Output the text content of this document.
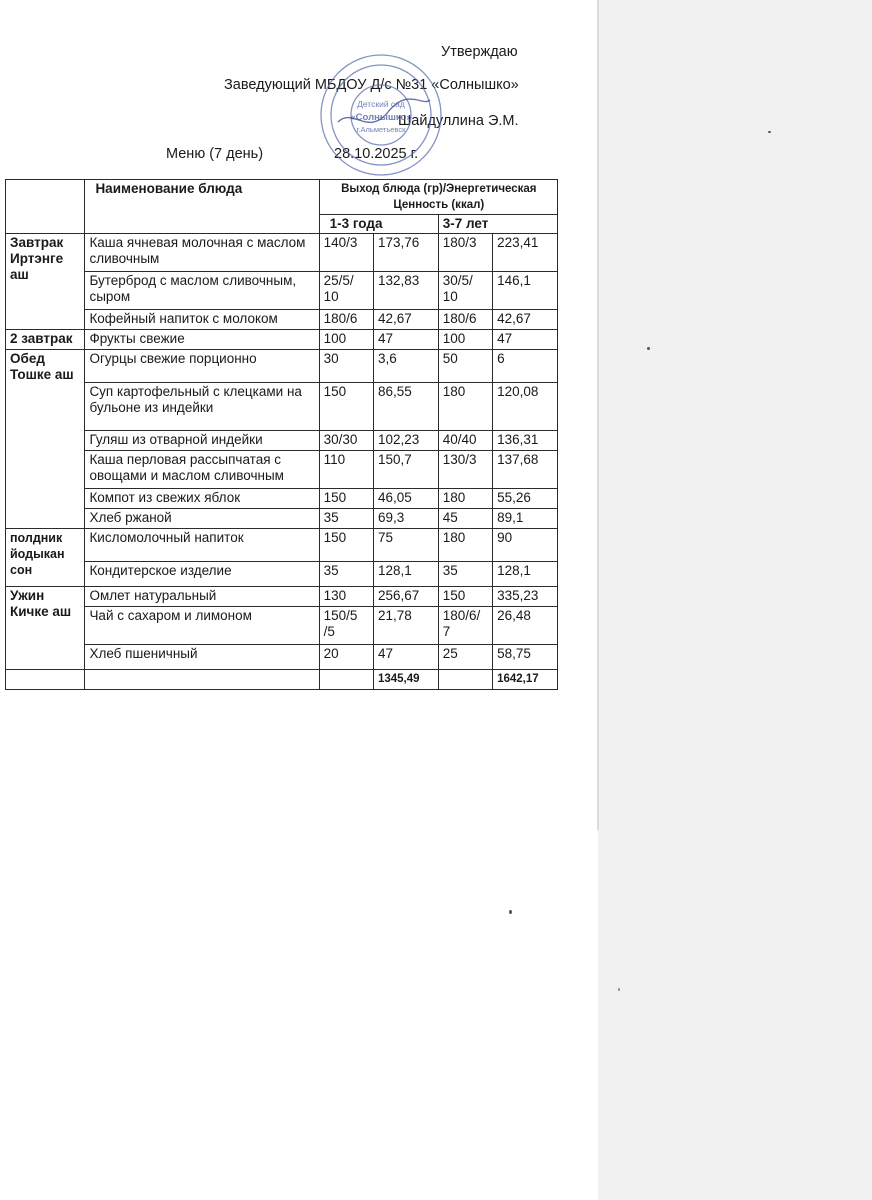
Утверждаю
Заведующий МБДОУ Д/с №31 «Солнышко»
Шайдуллина Э.М.
Меню (7 день)	28.10.2025 г.
Детский сад
«Солнышко»
г.Альметьевск
	Наименование блюда	Выход блюда (гр)/Энергетическая Ценность (ккал)			
		1-3 года		3-7 лет	
Завтрак Иртэнге аш	Каша ячневая молочная с маслом сливочным	140/3	173,76	180/3	223,41
	Бутерброд с маслом сливочным, сыром	25/5/ 10	132,83	30/5/ 10	146,1
	Кофейный напиток с молоком	180/6	42,67	180/6	42,67
2 завтрак	Фрукты свежие	100	47	100	47
Обед Тошке аш	Огурцы свежие порционно	30	3,6	50	6
	Суп картофельный с клецками на бульоне из индейки	150	86,55	180	120,08
	Гуляш из отварной индейки	30/30	102,23	40/40	136,31
	Каша перловая рассыпчатая с овощами и маслом сливочным	110	150,7	130/3	137,68
	Компот из свежих яблок	150	46,05	180	55,26
	Хлеб ржаной	35	69,3	45	89,1
полдник йодыкан сон	Кисломолочный напиток	150	75	180	90
	Кондитерское изделие	35	128,1	35	128,1
Ужин Кичке аш	Омлет натуральный	130	256,67	150	335,23
	Чай с сахаром и лимоном	150/5 /5	21,78	180/6/ 7	26,48
	Хлеб пшеничный	20	47	25	58,75
			1345,49		1642,17
